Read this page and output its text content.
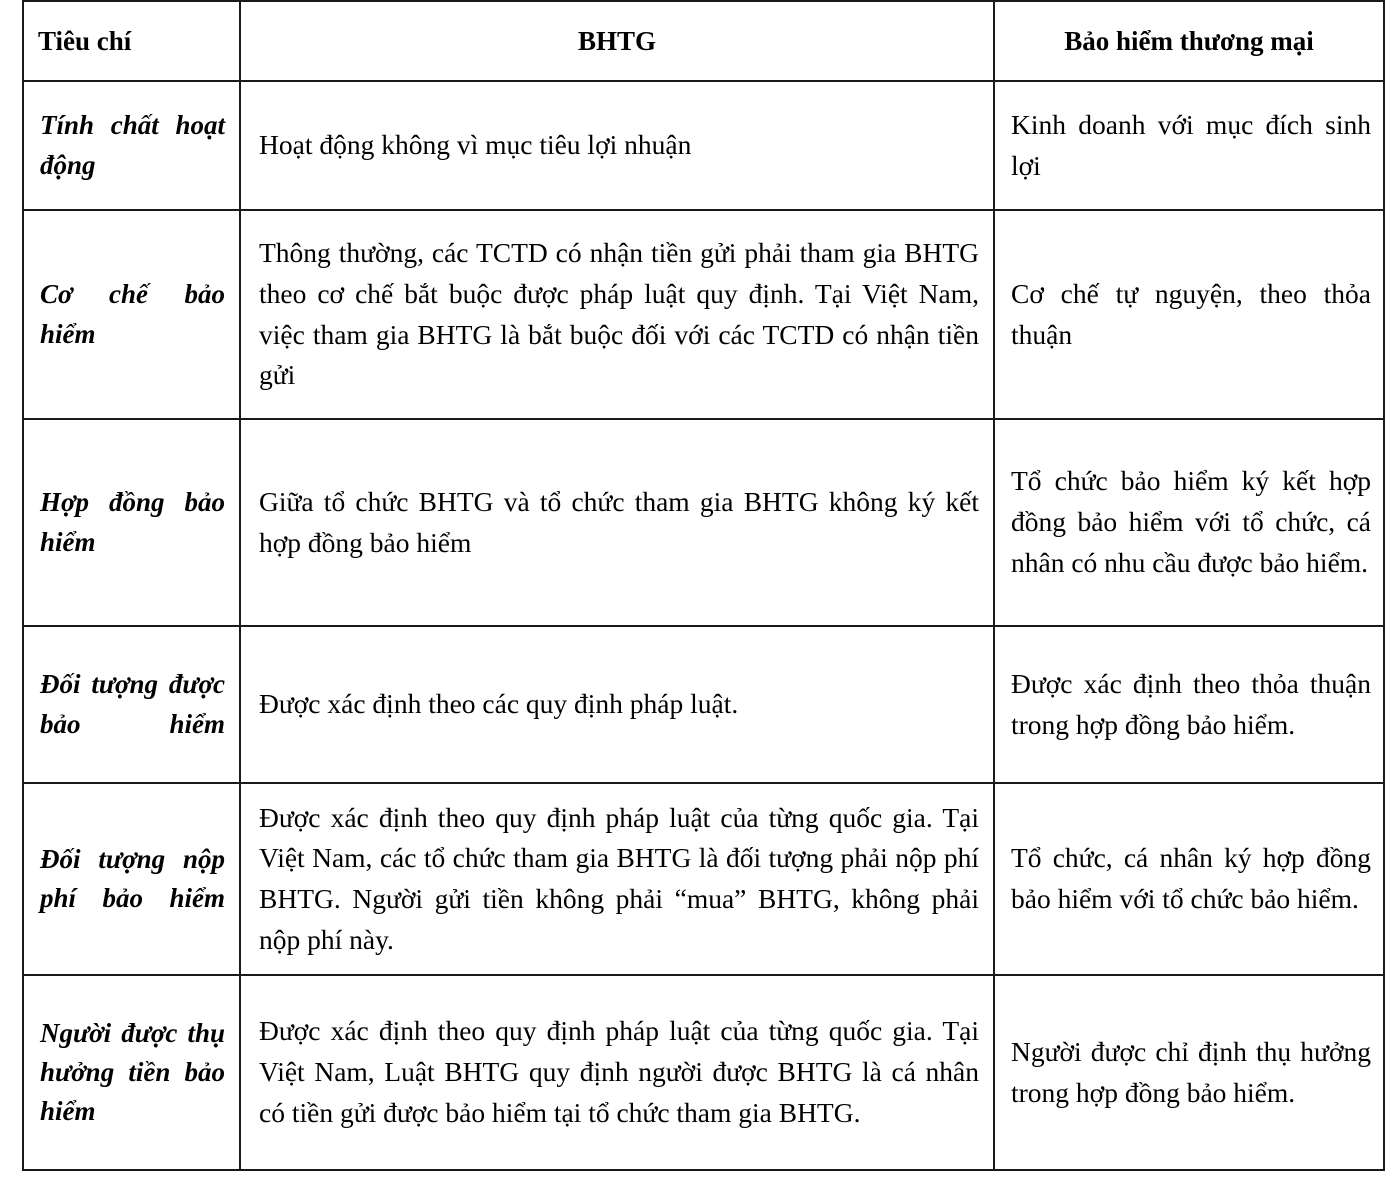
Tiêu chí	BHTG	Bảo hiểm thương mại

Tính chất hoạt động	Hoạt động không vì mục tiêu lợi nhuận	Kinh doanh với mục đích sinh lợi

Cơ chế bảo hiểm	Thông thường, các TCTD có nhận tiền gửi phải tham gia BHTG theo cơ chế bắt buộc được pháp luật quy định. Tại Việt Nam, việc tham gia BHTG là bắt buộc đối với các TCTD có nhận tiền gửi	Cơ chế tự nguyện, theo thỏa thuận

Hợp đồng bảo hiểm	Giữa tổ chức BHTG và tổ chức tham gia BHTG không ký kết hợp đồng bảo hiểm	Tổ chức bảo hiểm ký kết hợp đồng bảo hiểm với tổ chức, cá nhân có nhu cầu được bảo hiểm.

Đối tượng được bảo hiểm	Được xác định theo các quy định pháp luật.	Được xác định theo thỏa thuận trong hợp đồng bảo hiểm.

Đối tượng nộp phí bảo hiểm	Được xác định theo quy định pháp luật của từng quốc gia. Tại Việt Nam, các tổ chức tham gia BHTG là đối tượng phải nộp phí BHTG. Người gửi tiền không phải “mua” BHTG, không phải nộp phí này.	Tổ chức, cá nhân ký hợp đồng bảo hiểm với tổ chức bảo hiểm.

Người được thụ hưởng tiền bảo hiểm	Được xác định theo quy định pháp luật của từng quốc gia. Tại Việt Nam, Luật BHTG quy định người được BHTG là cá nhân có tiền gửi được bảo hiểm tại tổ chức tham gia BHTG.	Người được chỉ định thụ hưởng trong hợp đồng bảo hiểm.
